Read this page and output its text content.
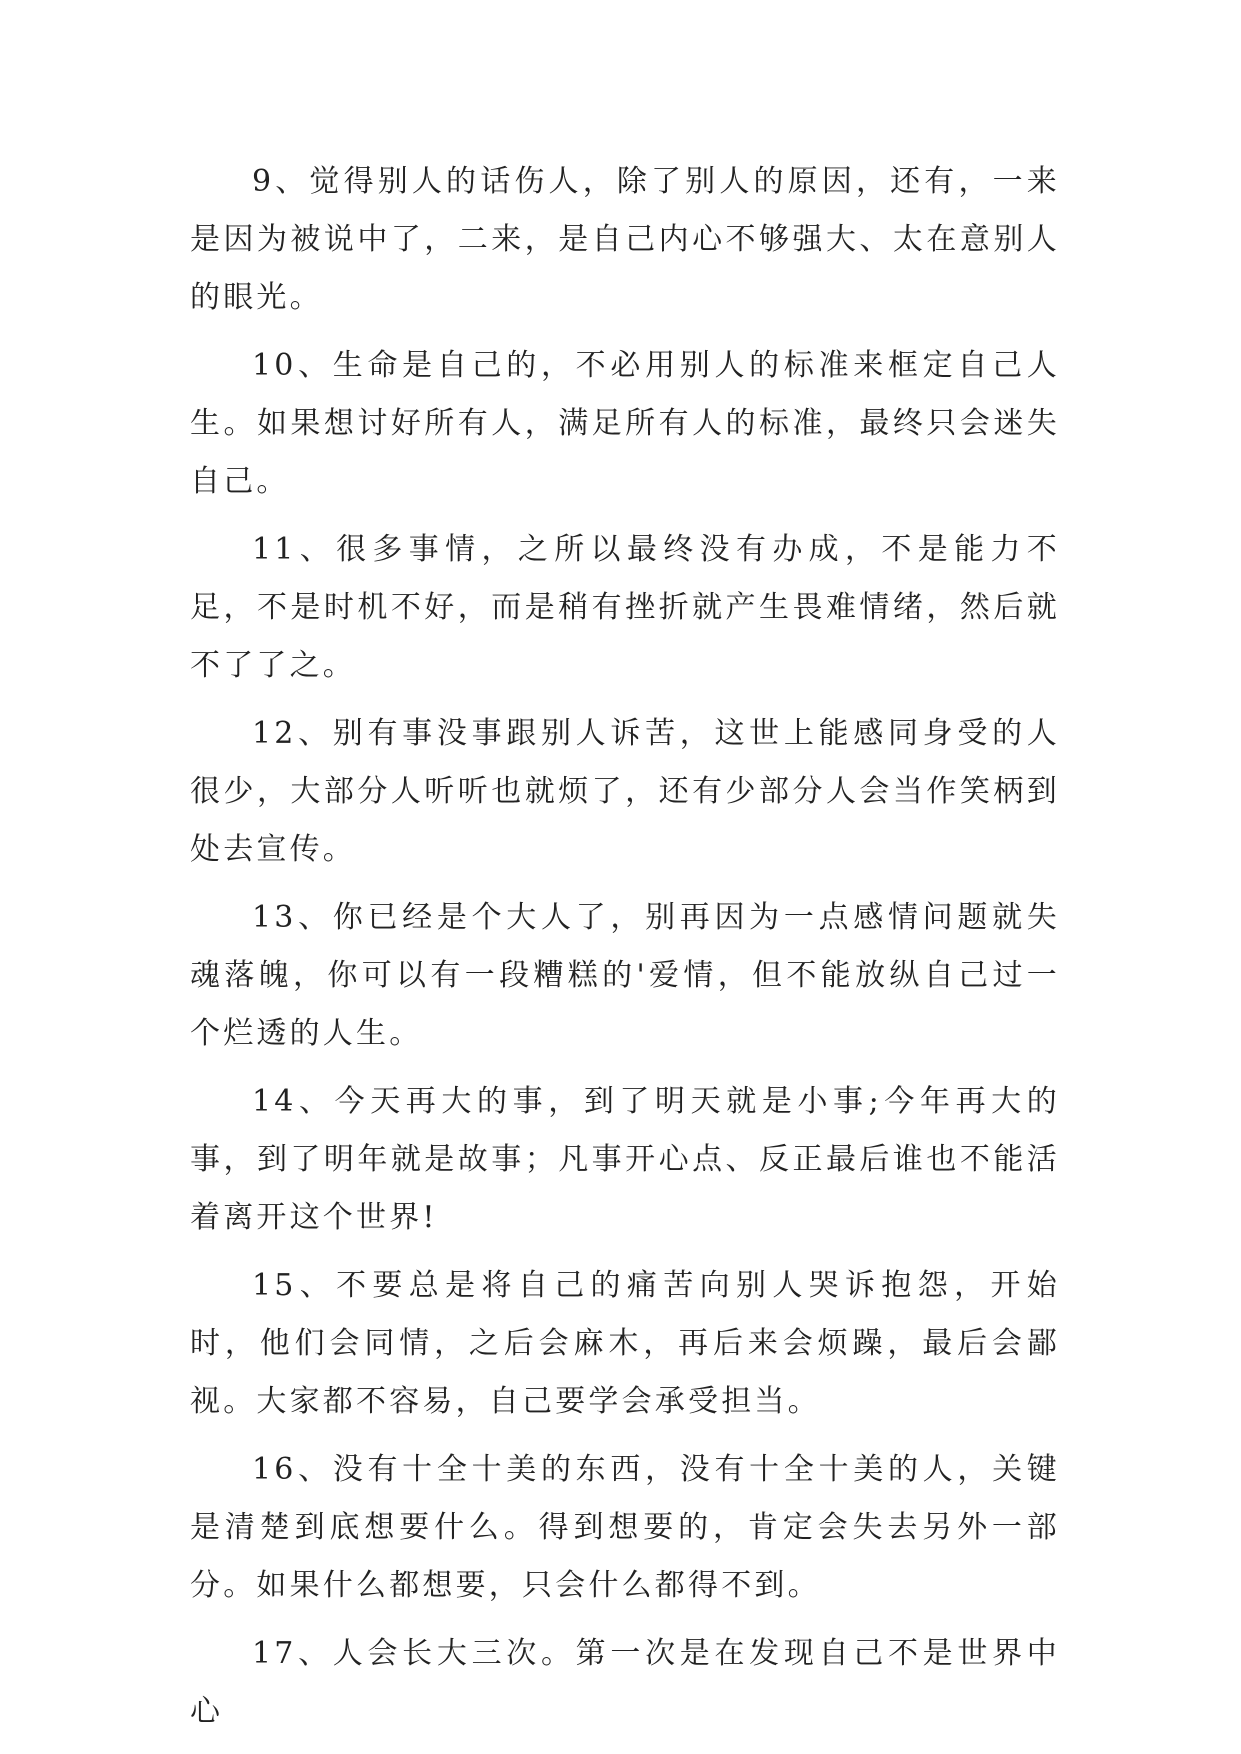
9、觉得别人的话伤人，除了别人的原因，还有，一来是因为被说中了，二来，是自己内心不够强大、太在意别人的眼光。

10、生命是自己的，不必用别人的标准来框定自己人生。如果想讨好所有人，满足所有人的标准，最终只会迷失自己。

11、很多事情，之所以最终没有办成，不是能力不足，不是时机不好，而是稍有挫折就产生畏难情绪，然后就不了了之。

12、别有事没事跟别人诉苦，这世上能感同身受的人很少，大部分人听听也就烦了，还有少部分人会当作笑柄到处去宣传。

13、你已经是个大人了，别再因为一点感情问题就失魂落魄，你可以有一段糟糕的'爱情，但不能放纵自己过一个烂透的人生。

14、今天再大的事，到了明天就是小事;今年再大的事，到了明年就是故事；凡事开心点、反正最后谁也不能活着离开这个世界!

15、不要总是将自己的痛苦向别人哭诉抱怨，开始时，他们会同情，之后会麻木，再后来会烦躁，最后会鄙视。大家都不容易，自己要学会承受担当。

16、没有十全十美的东西，没有十全十美的人，关键是清楚到底想要什么。得到想要的，肯定会失去另外一部分。如果什么都想要，只会什么都得不到。

17、人会长大三次。第一次是在发现自己不是世界中心
